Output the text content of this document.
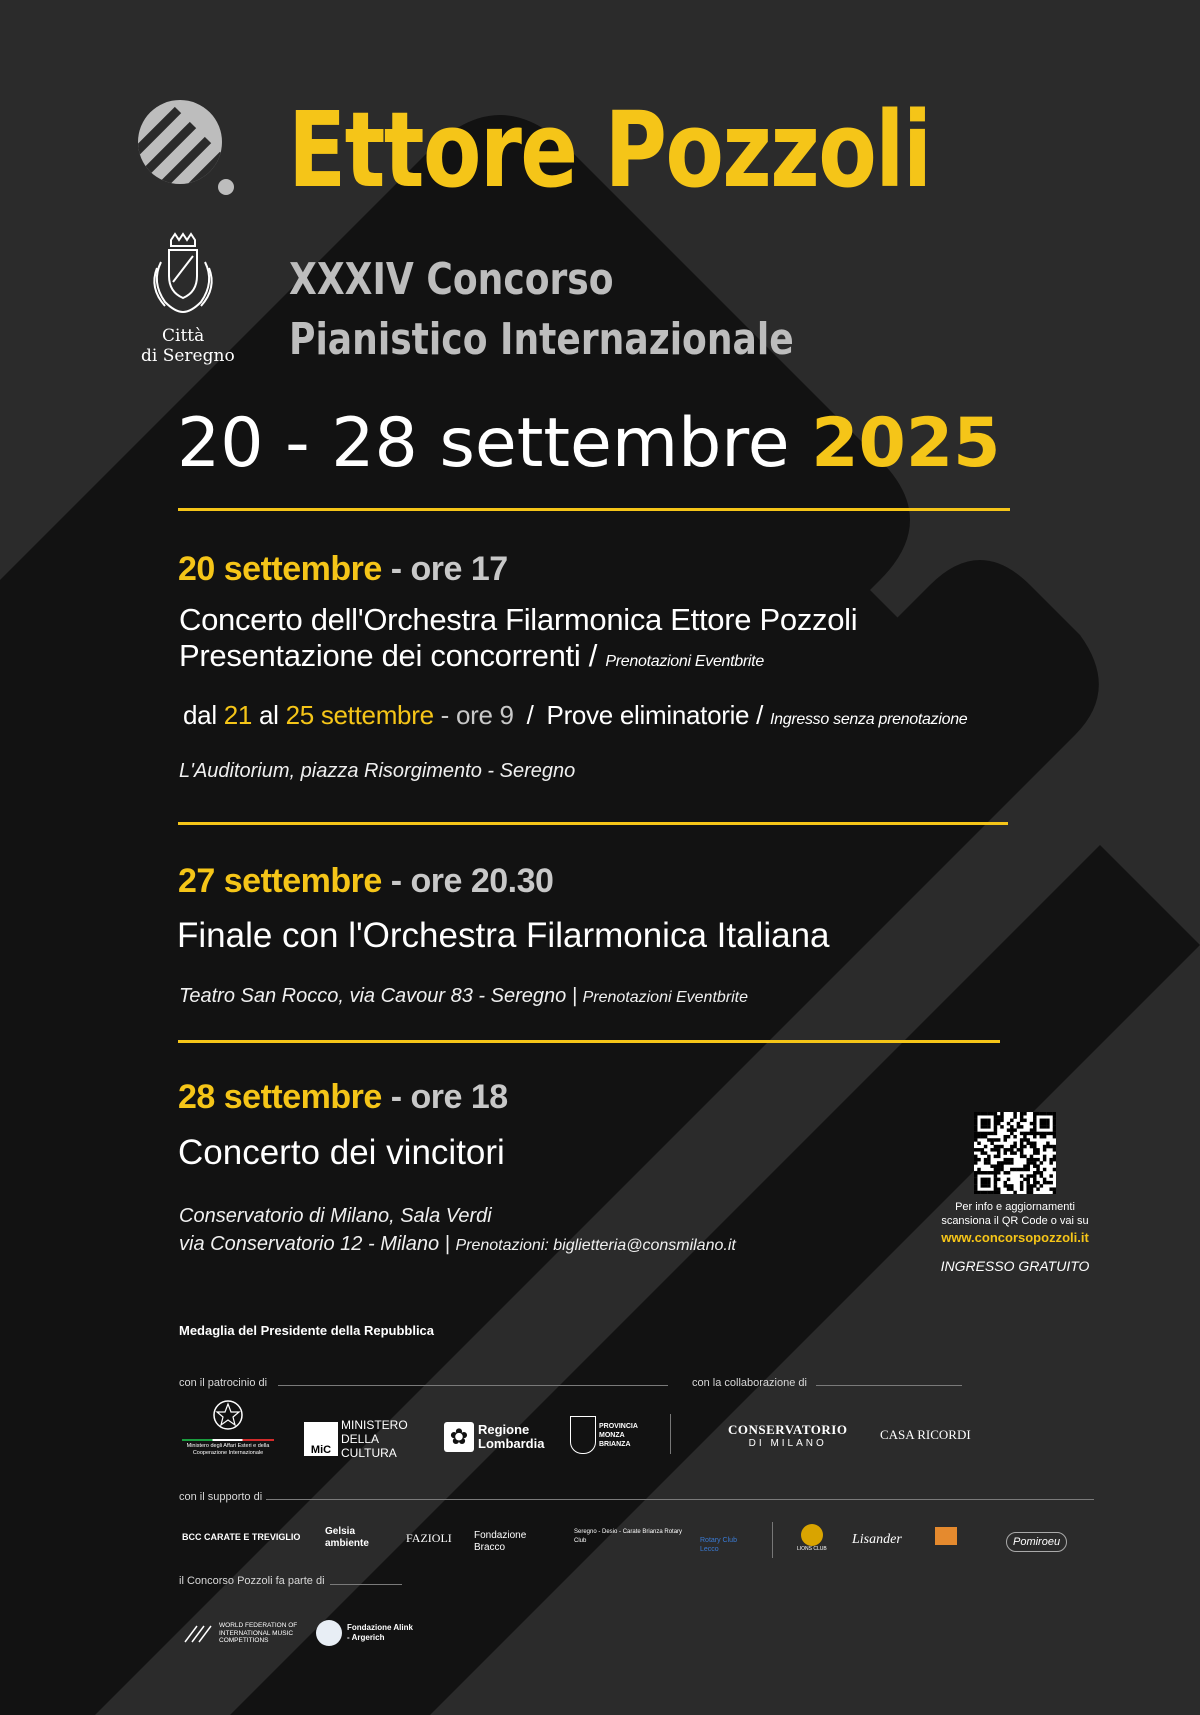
Ettore Pozzoli
Città
di Seregno
XXXIV Concorso
Pianistico Internazionale
20 - 28 settembre 2025
20 settembre - ore 17
Concerto dell'Orchestra Filarmonica Ettore Pozzoli
Presentazione dei concorrenti / Prenotazioni Eventbrite
dal 21 al 25 settembre - ore 9 / Prove eliminatorie / Ingresso senza prenotazione
L'Auditorium, piazza Risorgimento - Seregno
27 settembre - ore 20.30
Finale con l'Orchestra Filarmonica Italiana
Teatro San Rocco, via Cavour 83 - Seregno | Prenotazioni Eventbrite
28 settembre - ore 18
Concerto dei vincitori
Conservatorio di Milano, Sala Verdi
via Conservatorio 12 - Milano | Prenotazioni: biglietteria@consmilano.it
Per info e aggiornamenti
scansiona il QR Code o vai su
www.concorsopozzoli.it
INGRESSO GRATUITO
Medaglia del Presidente della Repubblica
con il patrocinio di	con la collaborazione di
Ministero degli Affari Esteri e della Cooperazione Internazionale	MiC
MINISTERO DELLA CULTURA
✿ Regione Lombardia
PROVINCIA MONZA BRIANZA
CONSERVATORIO
DI MILANO
CASA RICORDI
con il supporto di
BCC CARATE E TREVIGLIO Gelsia ambiente	FAZIOLI Fondazione Bracco
Seregno - Desio - Carate Brianza Rotary Club	Rotary Club Lecco	LIONS CLUB
Lisander	Pomiroeu
il Concorso Pozzoli fa parte di
WORLD FEDERATION OF INTERNATIONAL MUSIC COMPETITIONS
Fondazione Alink - Argerich
